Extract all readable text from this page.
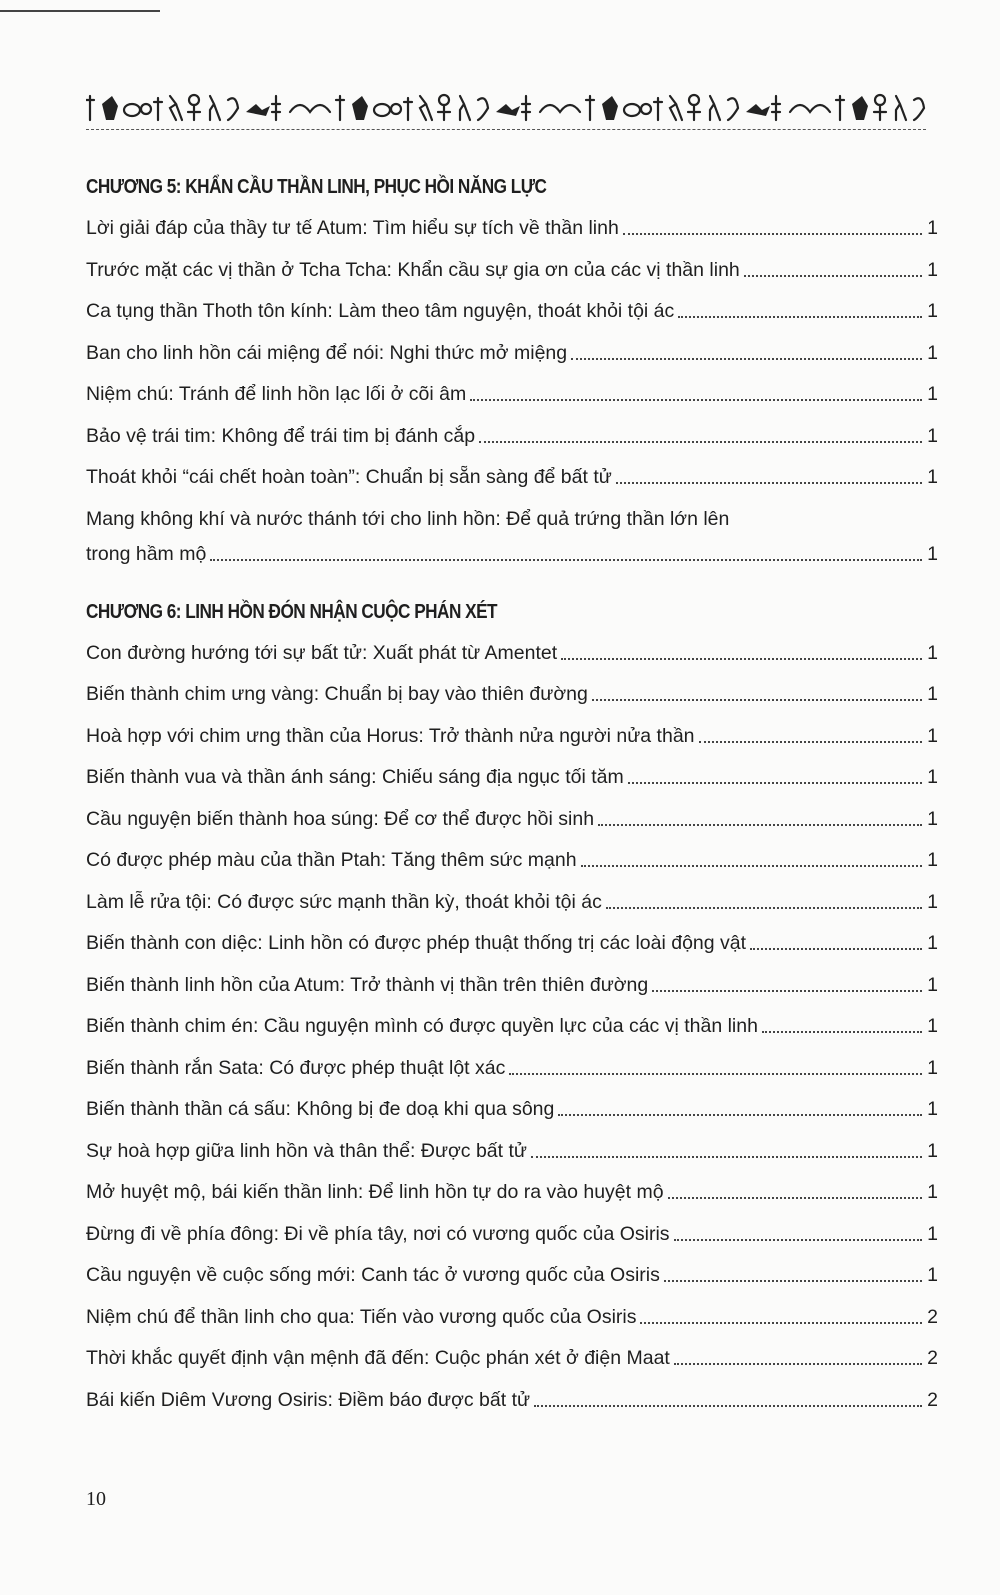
CHƯƠNG 5: KHẨN CẦU THẦN LINH, PHỤC HỒI NĂNG LỰC
Lời giải đáp của thầy tư tế Atum: Tìm hiểu sự tích về thần linh	1
Trước mặt các vị thần ở Tcha Tcha: Khẩn cầu sự gia ơn của các vị thần linh	1
Ca tụng thần Thoth tôn kính: Làm theo tâm nguyện, thoát khỏi tội ác	1
Ban cho linh hồn cái miệng để nói: Nghi thức mở miệng	1
Niệm chú: Tránh để linh hồn lạc lối ở cõi âm	1
Bảo vệ trái tim: Không để trái tim bị đánh cắp	1
Thoát khỏi “cái chết hoàn toàn”: Chuẩn bị sẵn sàng để bất tử	1
Mang không khí và nước thánh tới cho linh hồn: Để quả trứng thần lớn lên
trong hầm mộ	1
CHƯƠNG 6: LINH HỒN ĐÓN NHẬN CUỘC PHÁN XÉT
Con đường hướng tới sự bất tử: Xuất phát từ Amentet	1
Biến thành chim ưng vàng: Chuẩn bị bay vào thiên đường	1
Hoà hợp với chim ưng thần của Horus: Trở thành nửa người nửa thần	1
Biến thành vua và thần ánh sáng: Chiếu sáng địa ngục tối tăm	1
Cầu nguyện biến thành hoa súng: Để cơ thể được hồi sinh	1
Có được phép màu của thần Ptah: Tăng thêm sức mạnh	1
Làm lễ rửa tội: Có được sức mạnh thần kỳ, thoát khỏi tội ác	1
Biến thành con diệc: Linh hồn có được phép thuật thống trị các loài động vật	1
Biến thành linh hồn của Atum: Trở thành vị thần trên thiên đường	1
Biến thành chim én: Cầu nguyện mình có được quyền lực của các vị thần linh	1
Biến thành rắn Sata: Có được phép thuật lột xác	1
Biến thành thần cá sấu: Không bị đe doạ khi qua sông	1
Sự hoà hợp giữa linh hồn và thân thể: Được bất tử	1
Mở huyệt mộ, bái kiến thần linh: Để linh hồn tự do ra vào huyệt mộ	1
Đừng đi về phía đông: Đi về phía tây, nơi có vương quốc của Osiris	1
Cầu nguyện về cuộc sống mới: Canh tác ở vương quốc của Osiris	1
Niệm chú để thần linh cho qua: Tiến vào vương quốc của Osiris	2
Thời khắc quyết định vận mệnh đã đến: Cuộc phán xét ở điện Maat	2
Bái kiến Diêm Vương Osiris: Điềm báo được bất tử	2
10
